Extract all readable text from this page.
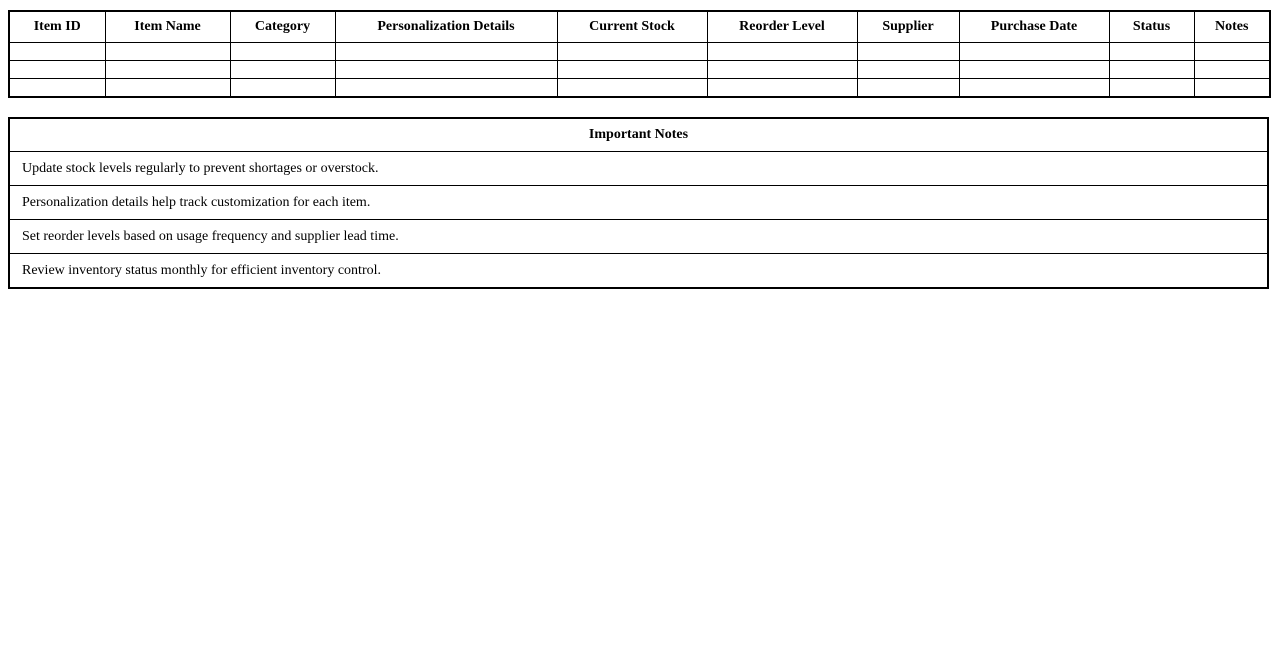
Item ID	Item Name	Category	Personalization Details	Current Stock	Reorder Level	Supplier	Purchase Date	Status	Notes

Important Notes
Update stock levels regularly to prevent shortages or overstock.
Personalization details help track customization for each item.
Set reorder levels based on usage frequency and supplier lead time.
Review inventory status monthly for efficient inventory control.
